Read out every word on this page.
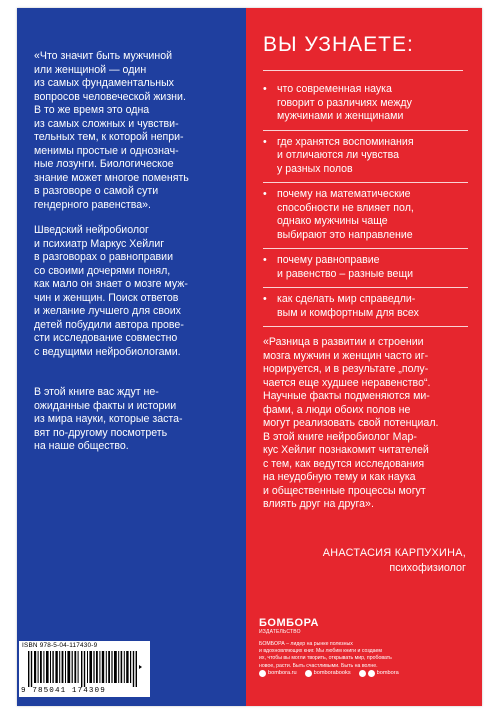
«Что значит быть мужчиной
или женщиной — один
из самых фундаментальных
вопросов человеческой жизни.
В то же время это одна
из самых сложных и чувстви-
тельных тем, к которой непри-
менимы простые и однознач-
ные лозунги. Биологическое
знание может многое поменять
в разговоре о самой сути
гендерного равенства».

Шведский нейробиолог
и психиатр Маркус Хейлиг
в разговорах о равноправии
со своими дочерями понял,
как мало он знает о мозге муж-
чин и женщин. Поиск ответов
и желание лучшего для своих
детей побудили автора прове-
сти исследование совместно
с ведущими нейробиологами.

В этой книге вас ждут не-
ожиданные факты и истории
из мира науки, которые заста-
вят по-другому посмотреть
на наше общество.

ISBN 978-5-04-117430-9
9 785041 174309
ВЫ УЗНАЕТЕ:
• что современная наука
говорит о различиях между
мужчинами и женщинами
• где хранятся воспоминания
и отличаются ли чувства
у разных полов
• почему на математические
способности не влияет пол,
однако мужчины чаще
выбирают это направление
• почему равноправие
и равенство – разные вещи
• как сделать мир справедли-
вым и комфортным для всех

«Разница в развитии и строении
мозга мужчин и женщин часто иг-
норируется, и в результате „полу-
чается еще худшее неравенство“.
Научные факты подменяются ми-
фами, а люди обоих полов не
могут реализовать свой потенциал.
В этой книге нейробиолог Мар-
кус Хейлиг познакомит читателей
с тем, как ведутся исследования
на неудобную тему и как наука
и общественные процессы могут
влиять друг на друга».

АНАСТАСИЯ КАРПУХИНА,
психофизиолог
БОМБОРА
ИЗДАТЕЛЬСТВО
БОМБОРА – лидер на рынке полезных
и вдохновляющих книг. Мы любим книги и создаем
их, чтобы вы могли творить, открывать мир, пробовать
новое, расти. Быть счастливыми. Быть на волне.
bombora.ru	bomborabooks	bombora
